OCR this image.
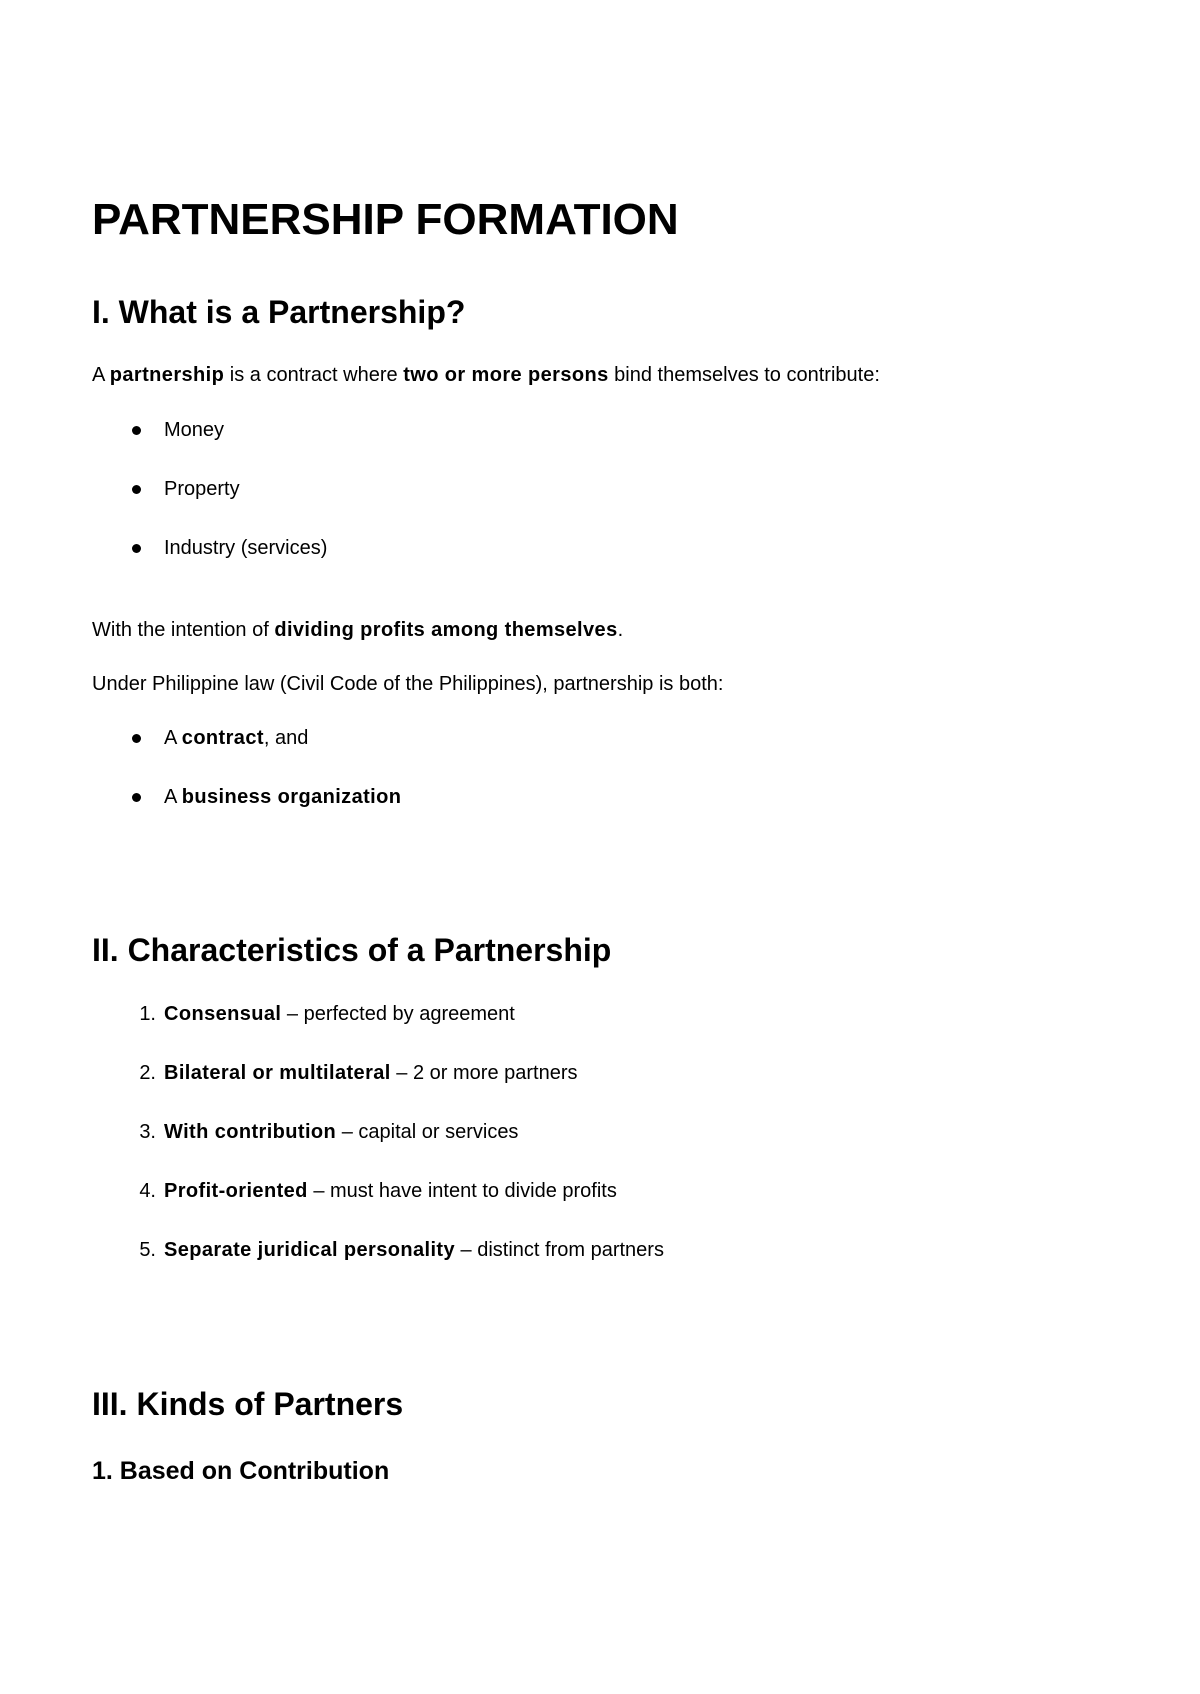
PARTNERSHIP FORMATION
I. What is a Partnership?
A partnership is a contract where two or more persons bind themselves to contribute:
Money
Property
Industry (services)
With the intention of dividing profits among themselves.
Under Philippine law (Civil Code of the Philippines), partnership is both:
A contract, and
A business organization
II. Characteristics of a Partnership
1. Consensual – perfected by agreement
2. Bilateral or multilateral – 2 or more partners
3. With contribution – capital or services
4. Profit-oriented – must have intent to divide profits
5. Separate juridical personality – distinct from partners
III. Kinds of Partners
1. Based on Contribution
